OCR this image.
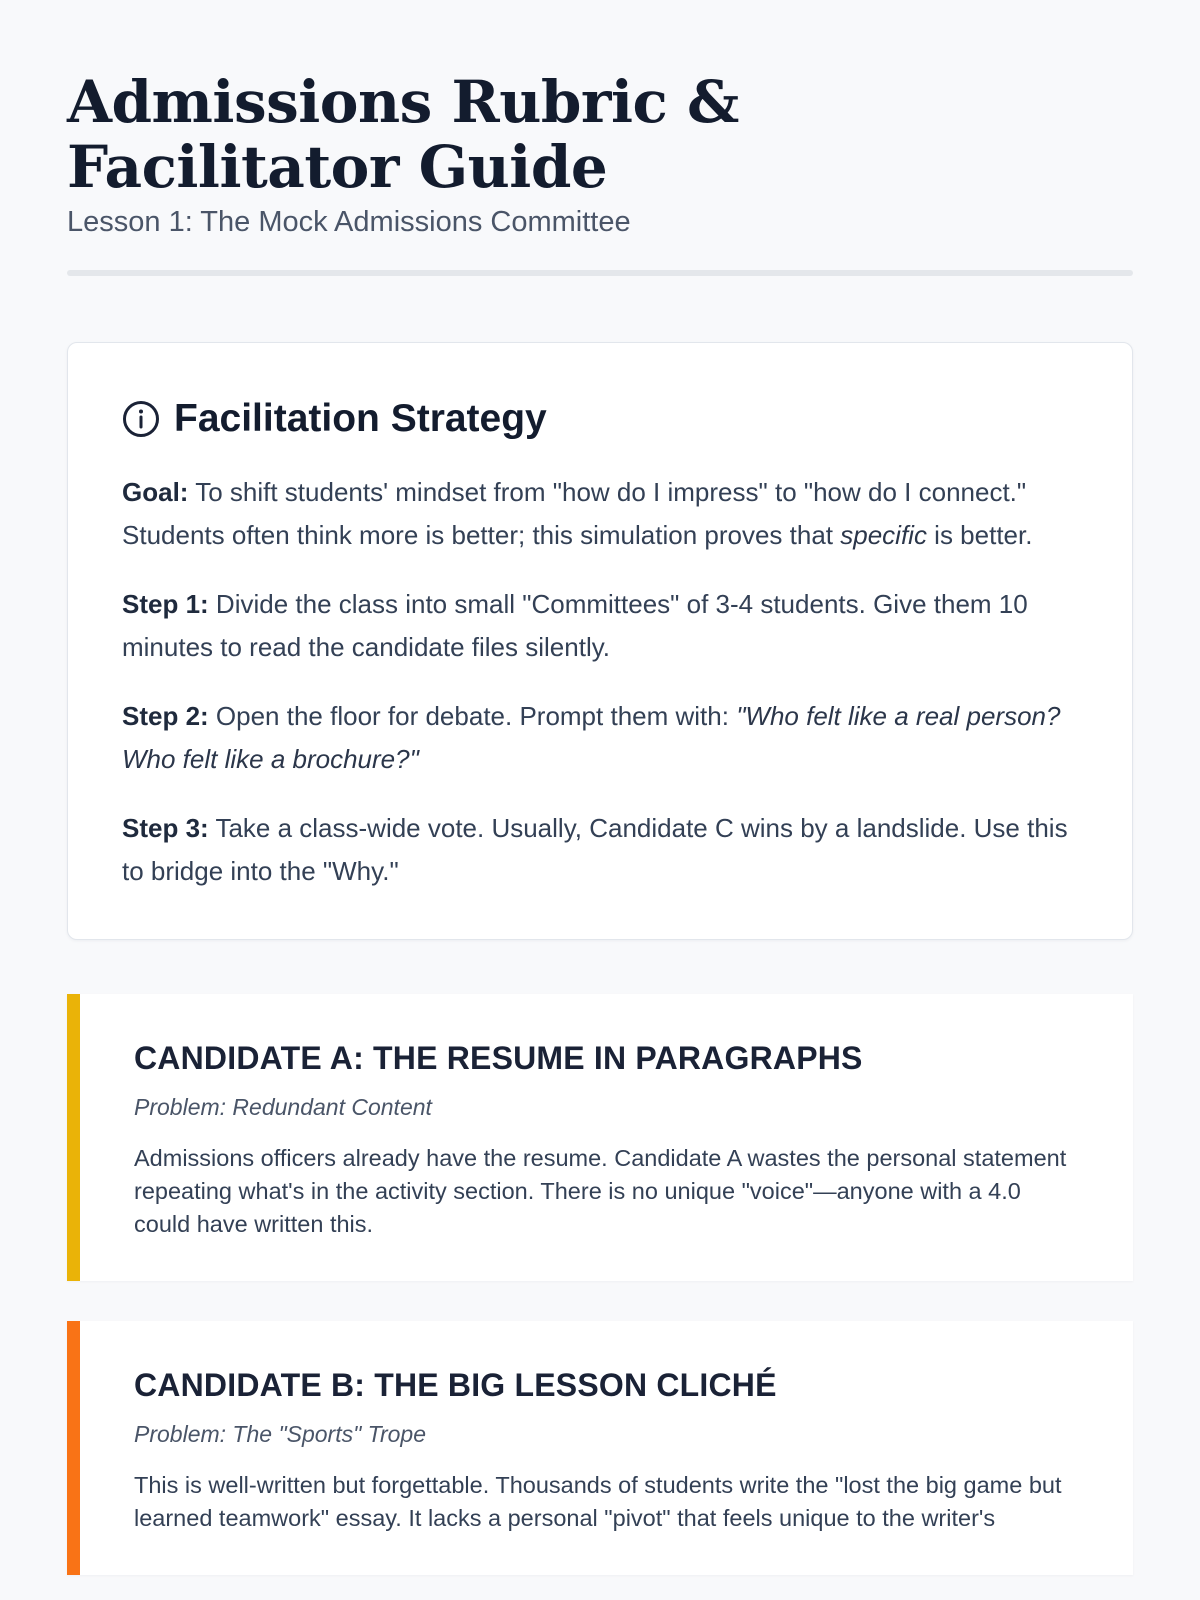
Admissions Rubric & Facilitator Guide
Lesson 1: The Mock Admissions Committee
Facilitation Strategy

Goal: To shift students' mindset from "how do I impress" to "how do I connect." Students often think more is better; this simulation proves that specific is better.

Step 1: Divide the class into small "Committees" of 3-4 students. Give them 10 minutes to read the candidate files silently.

Step 2: Open the floor for debate. Prompt them with: "Who felt like a real person? Who felt like a brochure?"

Step 3: Take a class-wide vote. Usually, Candidate C wins by a landslide. Use this to bridge into the "Why."

CANDIDATE A: THE RESUME IN PARAGRAPHS
Problem: Redundant Content
Admissions officers already have the resume. Candidate A wastes the personal statement repeating what's in the activity section. There is no unique "voice"—anyone with a 4.0 could have written this.
CANDIDATE B: THE BIG LESSON CLICHÉ
Problem: The "Sports" Trope
This is well-written but forgettable. Thousands of students write the "lost the big game but learned teamwork" essay. It lacks a personal "pivot" that feels unique to the writer's
